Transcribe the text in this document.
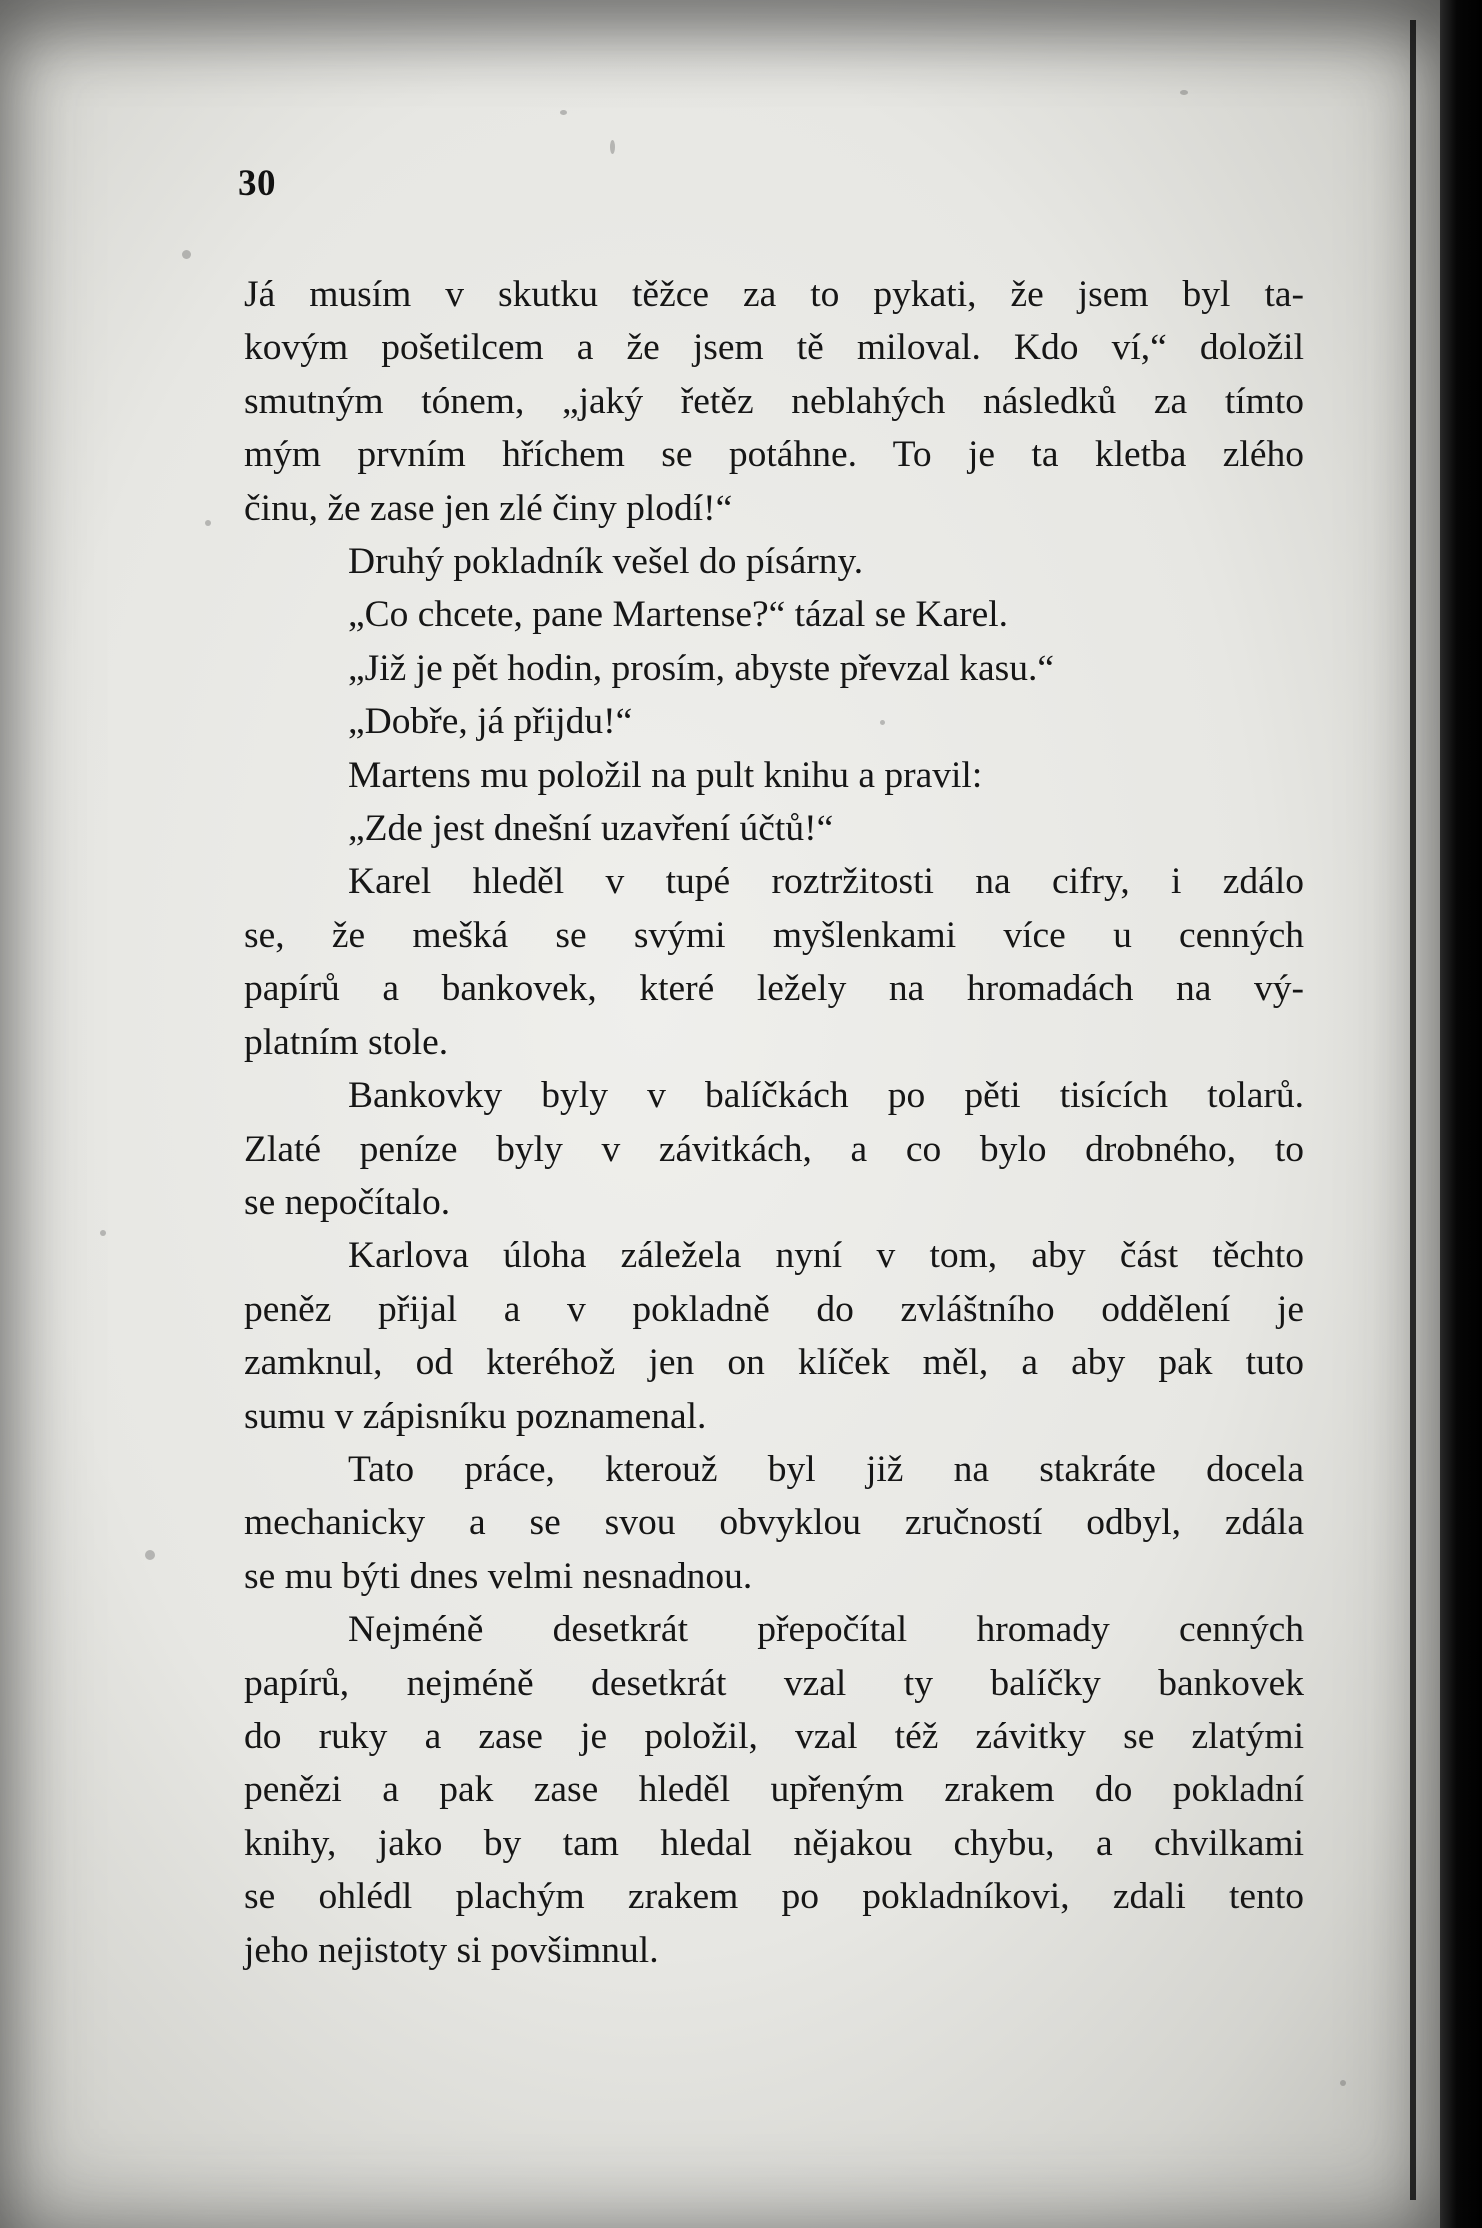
30
Já musím v skutku těžce za to pykati, že jsem byl ta-
kovým pošetilcem a že jsem tě miloval. Kdo ví,“ doložil
smutným tónem, „jaký řetěz neblahých následků za tímto
mým prvním hříchem se potáhne. To je ta kletba zlého
činu, že zase jen zlé činy plodí!“
Druhý pokladník vešel do písárny.
„Co chcete, pane Martense?“ tázal se Karel.
„Již je pět hodin, prosím, abyste převzal kasu.“
„Dobře, já přijdu!“
Martens mu položil na pult knihu a pravil:
„Zde jest dnešní uzavření účtů!“
Karel hleděl v tupé roztržitosti na cifry, i zdálo
se, že mešká se svými myšlenkami více u cenných
papírů a bankovek, které ležely na hromadách na vý-
platním stole.
Bankovky byly v balíčkách po pěti tisících tolarů.
Zlaté peníze byly v závitkách, a co bylo drobného, to
se nepočítalo.
Karlova úloha záležela nyní v tom, aby část těchto
peněz přijal a v pokladně do zvláštního oddělení je
zamknul, od kteréhož jen on klíček měl, a aby pak tuto
sumu v zápisníku poznamenal.
Tato práce, kterouž byl již na stakráte docela
mechanicky a se svou obvyklou zručností odbyl, zdála
se mu býti dnes velmi nesnadnou.
Nejméně desetkrát přepočítal hromady cenných
papírů, nejméně desetkrát vzal ty balíčky bankovek
do ruky a zase je položil, vzal též závitky se zlatými
penězi a pak zase hleděl upřeným zrakem do pokladní
knihy, jako by tam hledal nějakou chybu, a chvilkami
se ohlédl plachým zrakem po pokladníkovi, zdali tento
jeho nejistoty si povšimnul.
